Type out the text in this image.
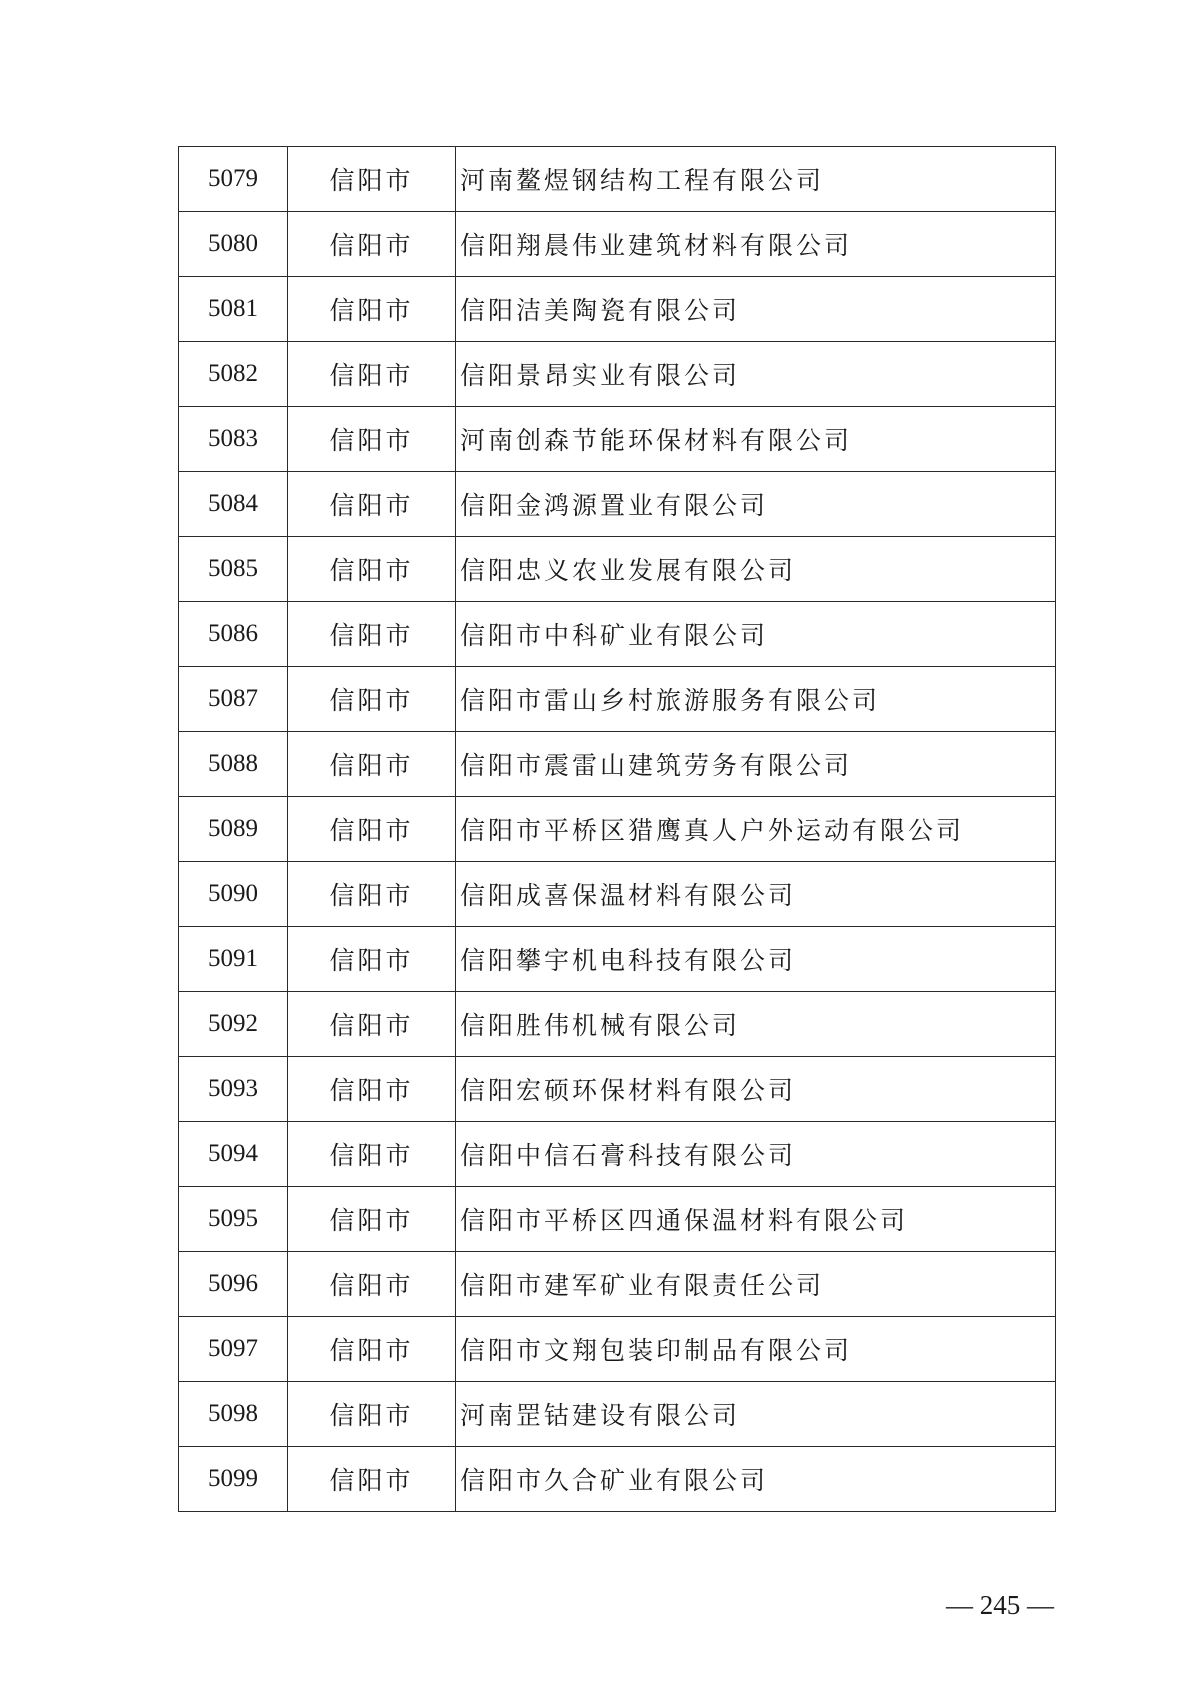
5079	信阳市	河南鳌煜钢结构工程有限公司
5080	信阳市	信阳翔晨伟业建筑材料有限公司
5081	信阳市	信阳洁美陶瓷有限公司
5082	信阳市	信阳景昂实业有限公司
5083	信阳市	河南创森节能环保材料有限公司
5084	信阳市	信阳金鸿源置业有限公司
5085	信阳市	信阳忠义农业发展有限公司
5086	信阳市	信阳市中科矿业有限公司
5087	信阳市	信阳市雷山乡村旅游服务有限公司
5088	信阳市	信阳市震雷山建筑劳务有限公司
5089	信阳市	信阳市平桥区猎鹰真人户外运动有限公司
5090	信阳市	信阳成喜保温材料有限公司
5091	信阳市	信阳攀宇机电科技有限公司
5092	信阳市	信阳胜伟机械有限公司
5093	信阳市	信阳宏硕环保材料有限公司
5094	信阳市	信阳中信石膏科技有限公司
5095	信阳市	信阳市平桥区四通保温材料有限公司
5096	信阳市	信阳市建军矿业有限责任公司
5097	信阳市	信阳市文翔包装印制品有限公司
5098	信阳市	河南罡钴建设有限公司
5099	信阳市	信阳市久合矿业有限公司
— 245 —
